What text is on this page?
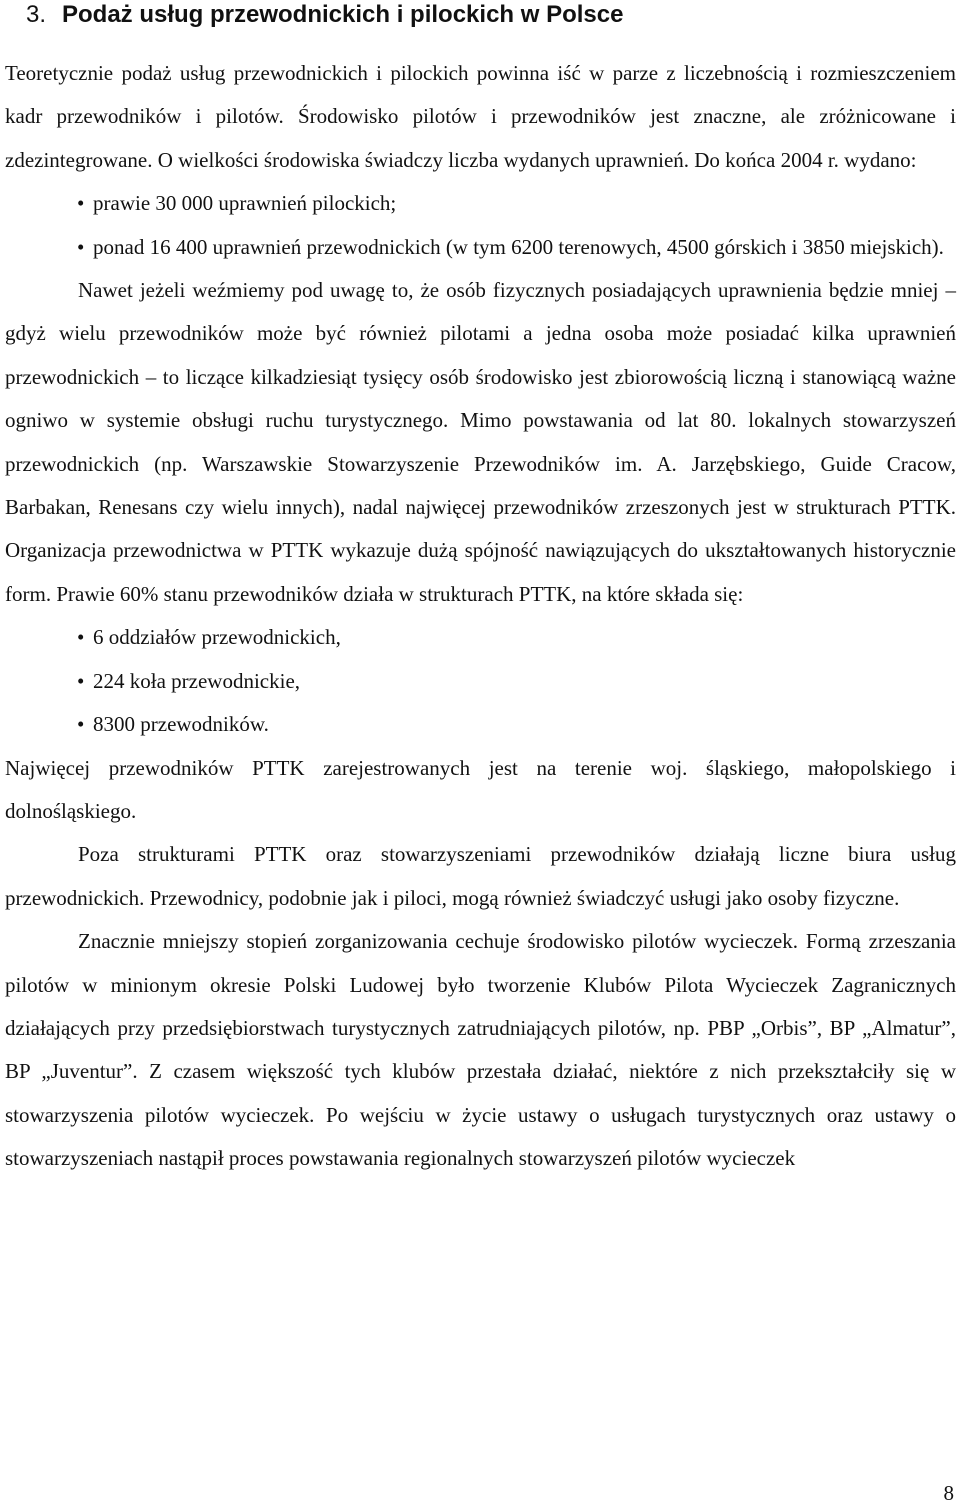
3. Podaż usług przewodnickich i pilockich w Polsce

Teoretycznie podaż usług przewodnickich i pilockich powinna iść w parze z liczebnością i rozmieszczeniem kadr przewodników i pilotów. Środowisko pilotów i przewodników jest znaczne, ale zróżnicowane i zdezintegrowane. O wielkości środowiska świadczy liczba wydanych uprawnień. Do końca 2004 r. wydano:

• prawie 30 000 uprawnień pilockich;
• ponad 16 400 uprawnień przewodnickich (w tym 6200 terenowych, 4500 górskich i 3850 miejskich).

Nawet jeżeli weźmiemy pod uwagę to, że osób fizycznych posiadających uprawnienia będzie mniej – gdyż wielu przewodników może być również pilotami a jedna osoba może posiadać kilka uprawnień przewodnickich – to liczące kilkadziesiąt tysięcy osób środowisko jest zbiorowością liczną i stanowiącą ważne ogniwo w systemie obsługi ruchu turystycznego. Mimo powstawania od lat 80. lokalnych stowarzyszeń przewodnickich (np. Warszawskie Stowarzyszenie Przewodników im. A. Jarzębskiego, Guide Cracow, Barbakan, Renesans czy wielu innych), nadal najwięcej przewodników zrzeszonych jest w strukturach PTTK. Organizacja przewodnictwa w PTTK wykazuje dużą spójność nawiązujących do ukształtowanych historycznie form. Prawie 60% stanu przewodników działa w strukturach PTTK, na które składa się:

• 6 oddziałów przewodnickich,
• 224 koła przewodnickie,
• 8300 przewodników.

Najwięcej przewodników PTTK zarejestrowanych jest na terenie woj. śląskiego, małopolskiego i dolnośląskiego.

Poza strukturami PTTK oraz stowarzyszeniami przewodników działają liczne biura usług przewodnickich. Przewodnicy, podobnie jak i piloci, mogą również świadczyć usługi jako osoby fizyczne.

Znacznie mniejszy stopień zorganizowania cechuje środowisko pilotów wycieczek. Formą zrzeszania pilotów w minionym okresie Polski Ludowej było tworzenie Klubów Pilota Wycieczek Zagranicznych działających przy przedsiębiorstwach turystycznych zatrudniających pilotów, np. PBP „Orbis”, BP „Almatur”, BP „Juventur”. Z czasem większość tych klubów przestała działać, niektóre z nich przekształciły się w stowarzyszenia pilotów wycieczek. Po wejściu w życie ustawy o usługach turystycznych oraz ustawy o stowarzyszeniach nastąpił proces powstawania regionalnych stowarzyszeń pilotów wycieczek

8
